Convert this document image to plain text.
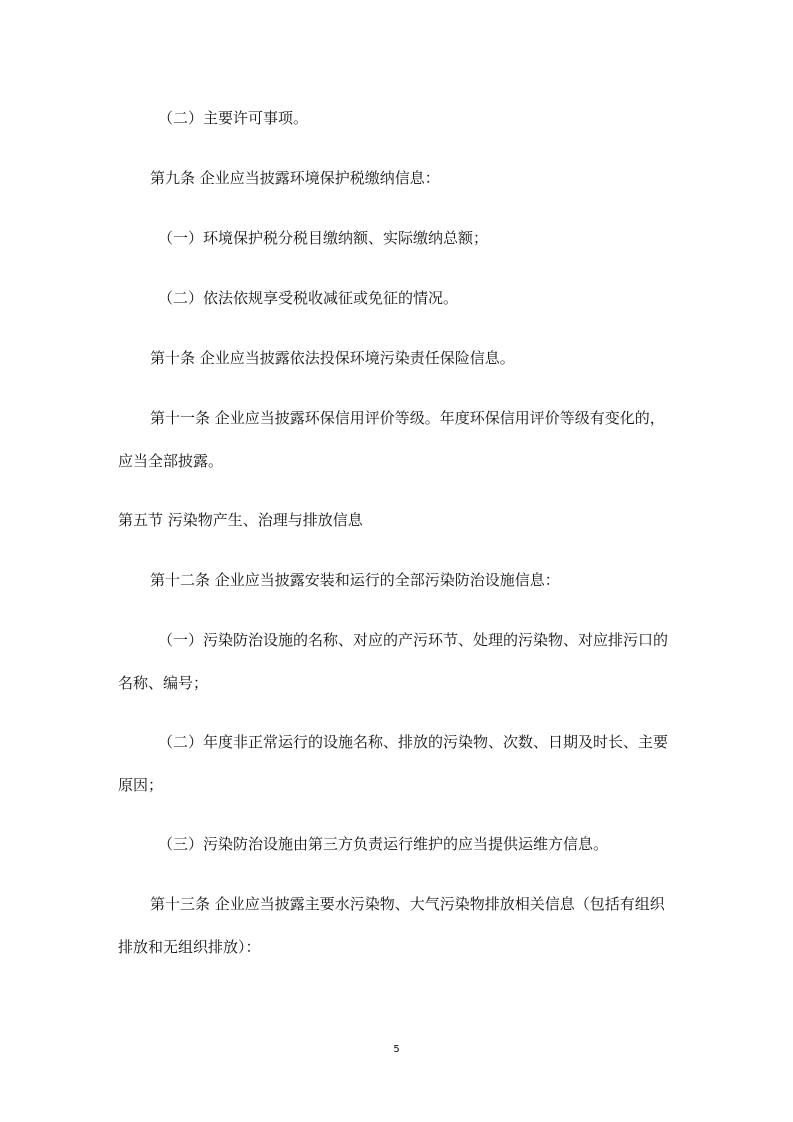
（二）主要许可事项。

第九条 企业应当披露环境保护税缴纳信息：

（一）环境保护税分税目缴纳额、实际缴纳总额；

（二）依法依规享受税收减征或免征的情况。

第十条 企业应当披露依法投保环境污染责任保险信息。

第十一条 企业应当披露环保信用评价等级。年度环保信用评价等级有变化的，应当全部披露。

第五节 污染物产生、治理与排放信息

第十二条 企业应当披露安装和运行的全部污染防治设施信息：

（一）污染防治设施的名称、对应的产污环节、处理的污染物、对应排污口的名称、编号；

（二）年度非正常运行的设施名称、排放的污染物、次数、日期及时长、主要原因；

（三）污染防治设施由第三方负责运行维护的应当提供运维方信息。

第十三条 企业应当披露主要水污染物、大气污染物排放相关信息（包括有组织排放和无组织排放）：

5
